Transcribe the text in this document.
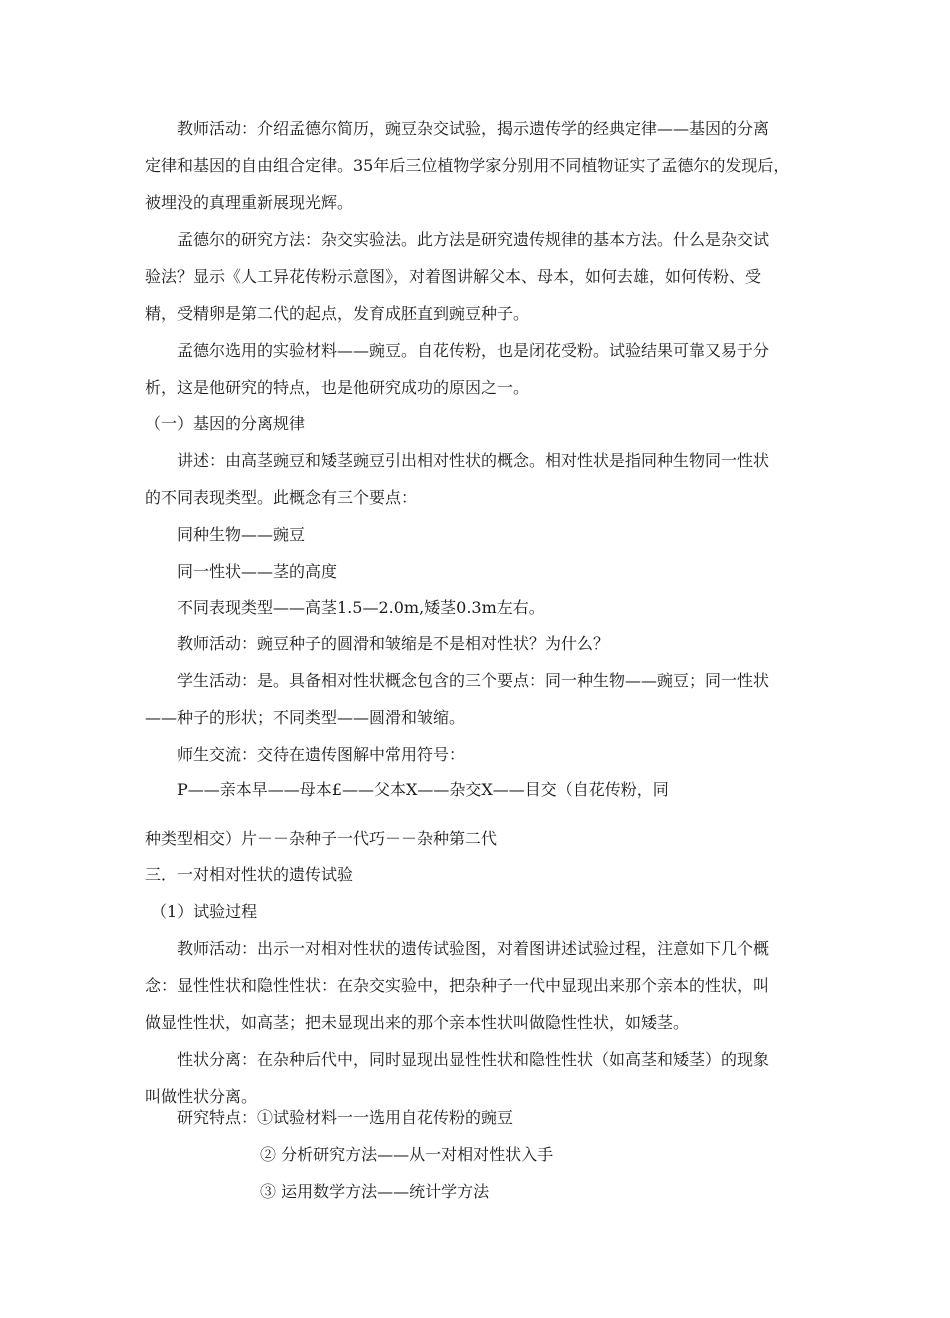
教师活动：介绍孟德尔简历，豌豆杂交试验，揭示遗传学的经典定律——基因的分离
定律和基因的自由组合定律。35年后三位植物学家分别用不同植物证实了孟德尔的发现后，
被埋没的真理重新展现光辉。
孟德尔的研究方法：杂交实验法。此方法是研究遗传规律的基本方法。什么是杂交试
验法？显示《人工异花传粉示意图》，对着图讲解父本、母本，如何去雄，如何传粉、受
精，受精卵是第二代的起点，发育成胚直到豌豆种子。
孟德尔选用的实验材料——豌豆。自花传粉，也是闭花受粉。试验结果可靠又易于分
析，这是他研究的特点，也是他研究成功的原因之一。
（一）基因的分离规律
讲述：由高茎豌豆和矮茎豌豆引出相对性状的概念。相对性状是指同种生物同一性状
的不同表现类型。此概念有三个要点：
同种生物——豌豆
同一性状——茎的高度
不同表现类型——高茎1.5—2.0m,矮茎0.3m左右。
教师活动：豌豆种子的圆滑和皱缩是不是相对性状？为什么？
学生活动：是。具备相对性状概念包含的三个要点：同一种生物——豌豆；同一性状
——种子的形状；不同类型——圆滑和皱缩。
师生交流：交待在遗传图解中常用符号：
P——亲本早——母本£——父本X——杂交X——目交（自花传粉，同
种类型相交）片－－杂种子一代巧－－杂种第二代
三．一对相对性状的遗传试验
（1）试验过程
教师活动：出示一对相对性状的遗传试验图，对着图讲述试验过程，注意如下几个概
念：显性性状和隐性性状：在杂交实验中，把杂种子一代中显现出来那个亲本的性状，叫
做显性性状，如高茎；把未显现出来的那个亲本性状叫做隐性性状，如矮茎。
性状分离：在杂种后代中，同时显现出显性性状和隐性性状（如高茎和矮茎）的现象
叫做性状分离。
研究特点：①试验材料一一选用自花传粉的豌豆
② 分析研究方法——从一对相对性状入手
③ 运用数学方法——统计学方法
